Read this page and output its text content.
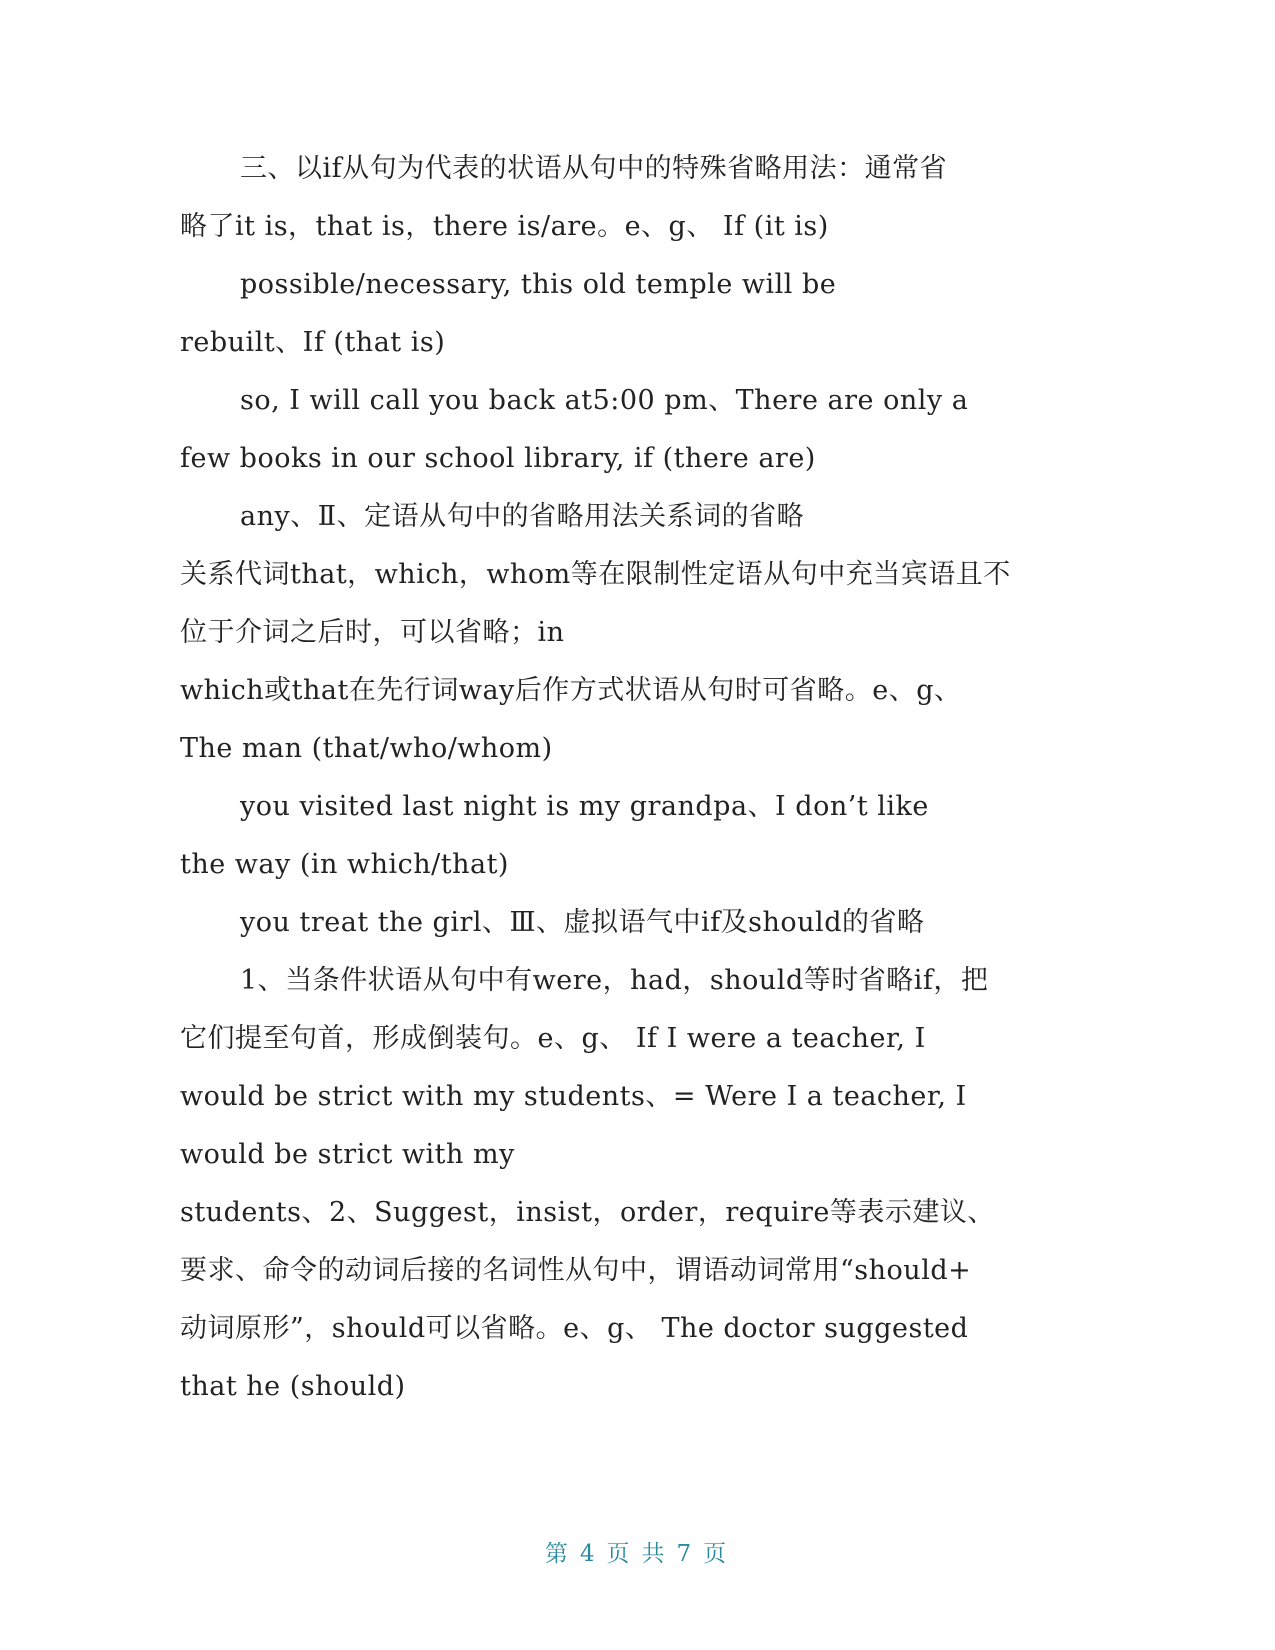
三、以if从句为代表的状语从句中的特殊省略用法：通常省
略了it is，that is，there is/are。e、g、 If (it is)
possible/necessary, this old temple will be
rebuilt、If (that is)
so, I will call you back at5:00 pm、There are only a
few books in our school library, if (there are)
any、Ⅱ、定语从句中的省略用法关系词的省略
关系代词that，which，whom等在限制性定语从句中充当宾语且不
位于介词之后时，可以省略；in
which或that在先行词way后作方式状语从句时可省略。e、g、
The man (that/who/whom)
you visited last night is my grandpa、I don’t like
the way (in which/that)
you treat the girl、Ⅲ、虚拟语气中if及should的省略
1、当条件状语从句中有were，had，should等时省略if，把
它们提至句首，形成倒装句。e、g、 If I were a teacher, I
would be strict with my students、= Were I a teacher, I
would be strict with my
students、2、Suggest，insist，order，require等表示建议、
要求、命令的动词后接的名词性从句中，谓语动词常用“should+
动词原形”，should可以省略。e、g、 The doctor suggested
that he (should)
第 4 页 共 7 页
